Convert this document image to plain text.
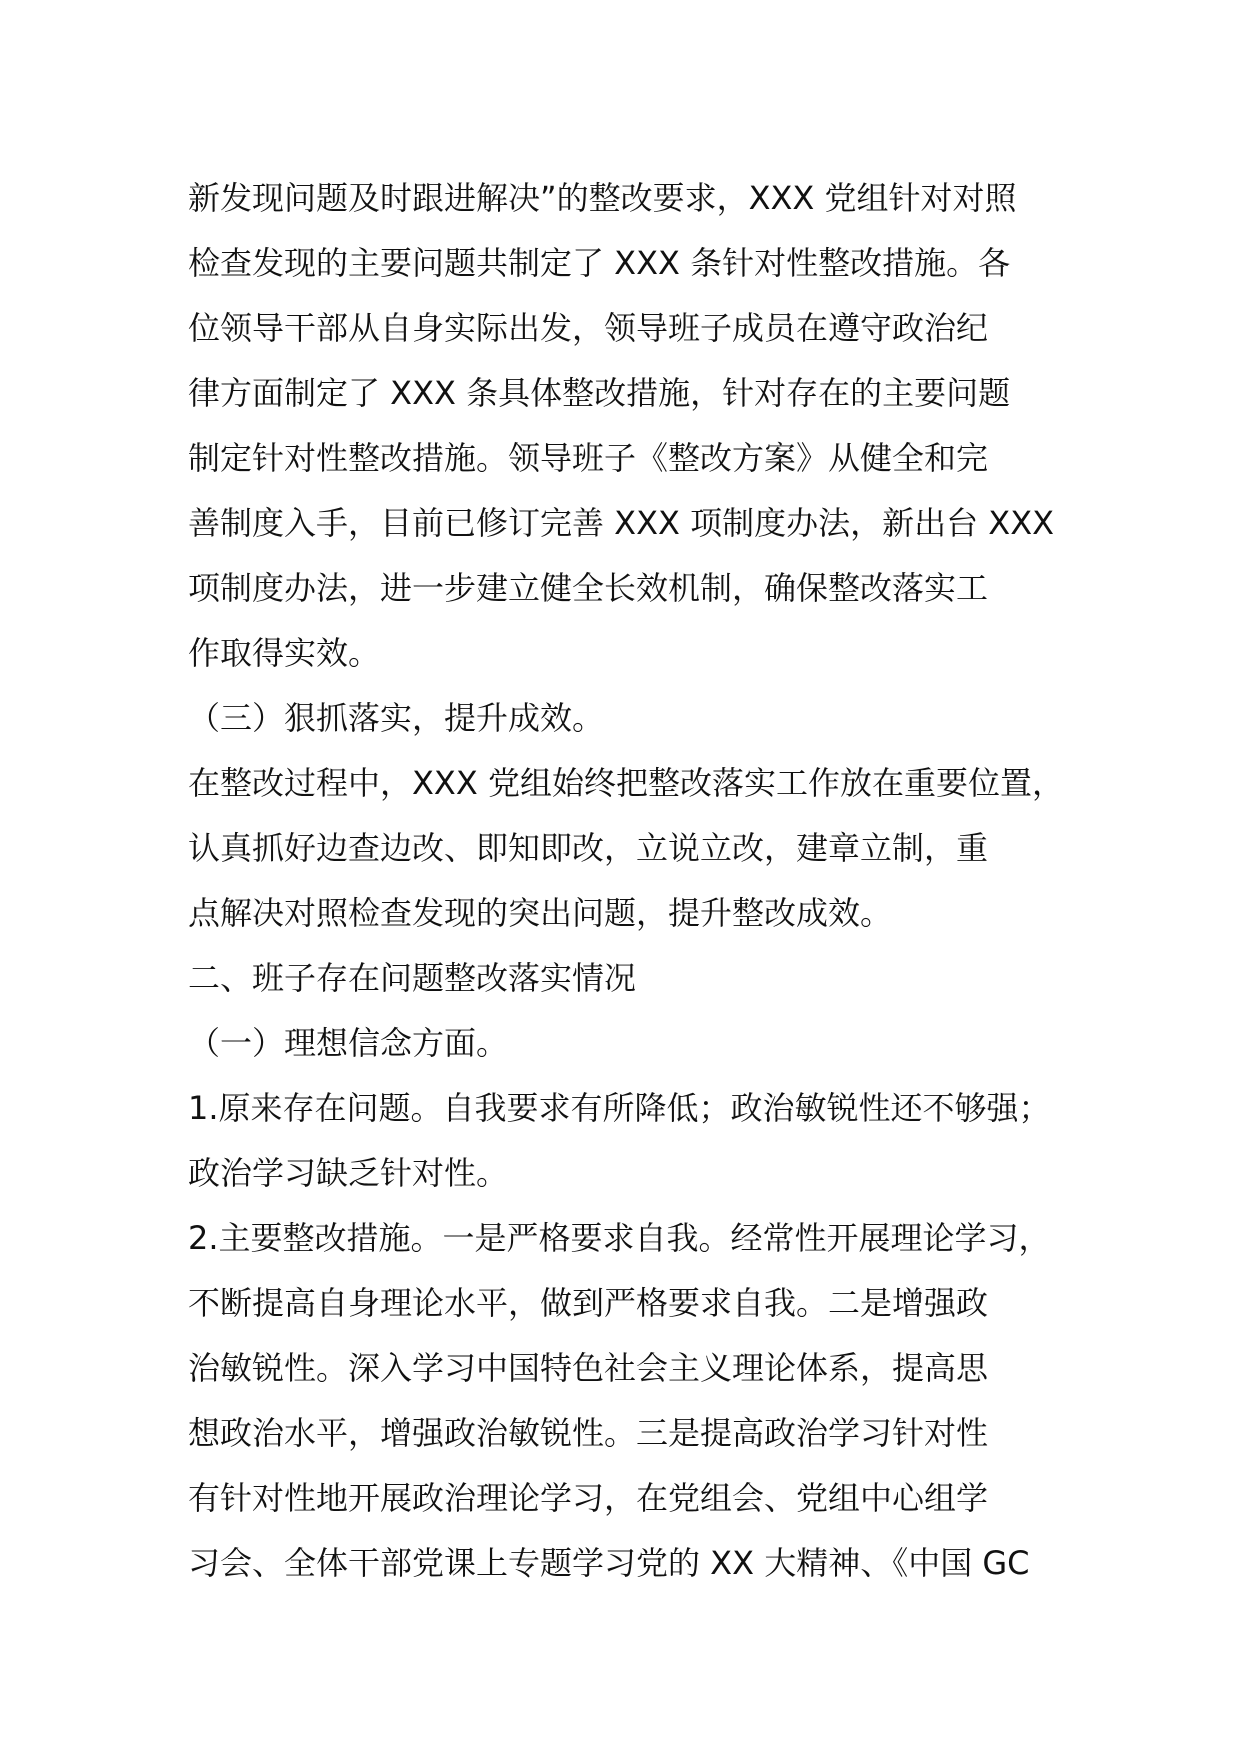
新发现问题及时跟进解决”的整改要求，XXX 党组针对对照
检查发现的主要问题共制定了 XXX 条针对性整改措施。各
位领导干部从自身实际出发，领导班子成员在遵守政治纪
律方面制定了 XXX 条具体整改措施，针对存在的主要问题
制定针对性整改措施。领导班子《整改方案》从健全和完
善制度入手，目前已修订完善 XXX 项制度办法，新出台 XXX
项制度办法，进一步建立健全长效机制，确保整改落实工
作取得实效。
（三）狠抓落实，提升成效。
在整改过程中，XXX 党组始终把整改落实工作放在重要位置，
认真抓好边查边改、即知即改，立说立改，建章立制，重
点解决对照检查发现的突出问题，提升整改成效。
二、班子存在问题整改落实情况
（一）理想信念方面。
1.原来存在问题。自我要求有所降低；政治敏锐性还不够强；
政治学习缺乏针对性。
2.主要整改措施。一是严格要求自我。经常性开展理论学习，
不断提高自身理论水平，做到严格要求自我。二是增强政
治敏锐性。深入学习中国特色社会主义理论体系，提高思
想政治水平，增强政治敏锐性。三是提高政治学习针对性
有针对性地开展政治理论学习，在党组会、党组中心组学
习会、全体干部党课上专题学习党的 XX 大精神、《中国 GC
